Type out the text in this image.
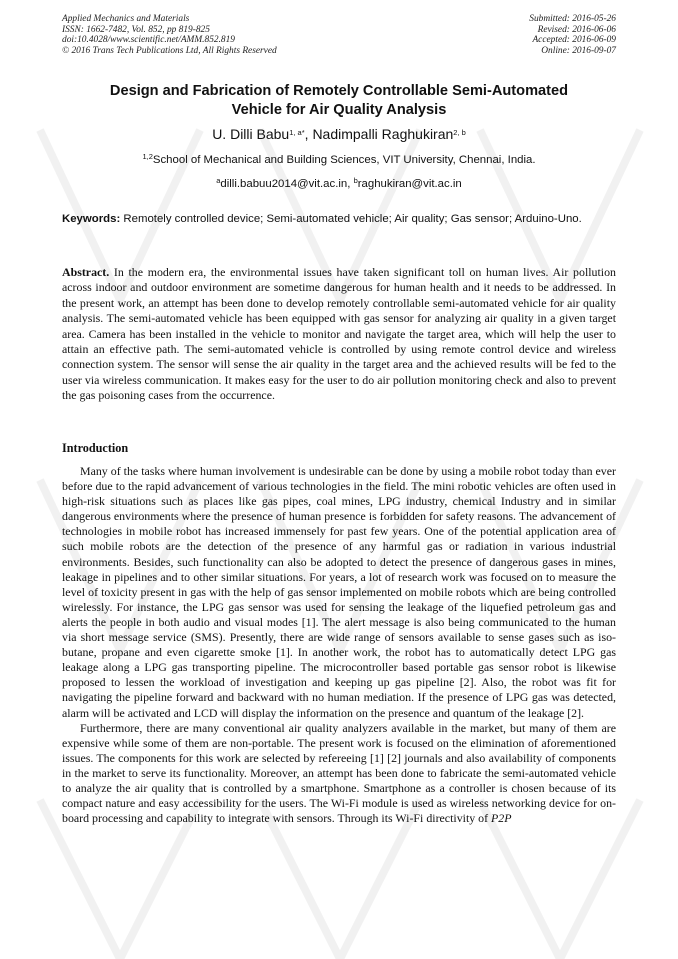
Applied Mechanics and Materials
ISSN: 1662-7482, Vol. 852, pp 819-825
doi:10.4028/www.scientific.net/AMM.852.819
© 2016 Trans Tech Publications Ltd, All Rights Reserved
Submitted: 2016-05-26
Revised: 2016-06-06
Accepted: 2016-06-09
Online: 2016-09-07
Design and Fabrication of Remotely Controllable Semi-Automated
Vehicle for Air Quality Analysis
U. Dilli Babu$^{1, a*}$, Nadimpalli Raghukiran$^{2, b}$
$^{1,2}$School of Mechanical and Building Sciences, VIT University, Chennai, India.
$^a$dilli.babuu2014@vit.ac.in, $^b$raghukiran@vit.ac.in
Keywords: Remotely controlled device; Semi-automated vehicle; Air quality; Gas sensor; Arduino-Uno.
Abstract. In the modern era, the environmental issues have taken significant toll on human lives. Air pollution across indoor and outdoor environment are sometime dangerous for human health and it needs to be addressed. In the present work, an attempt has been done to develop remotely controllable semi-automated vehicle for air quality analysis. The semi-automated vehicle has been equipped with gas sensor for analyzing air quality in a given target area. Camera has been installed in the vehicle to monitor and navigate the target area, which will help the user to attain an effective path. The semi-automated vehicle is controlled by using remote control device and wireless connection system. The sensor will sense the air quality in the target area and the achieved results will be fed to the user via wireless communication. It makes easy for the user to do air pollution monitoring check and also to prevent the gas poisoning cases from the occurrence.
Introduction

Many of the tasks where human involvement is undesirable can be done by using a mobile robot today than ever before due to the rapid advancement of various technologies in the field. The mini robotic vehicles are often used in high-risk situations such as places like gas pipes, coal mines, LPG industry, chemical Industry and in similar dangerous environments where the presence of human presence is forbidden for safety reasons. The advancement of technologies in mobile robot has increased immensely for past few years. One of the potential application area of such mobile robots are the detection of the presence of any harmful gas or radiation in various industrial environments. Besides, such functionality can also be adopted to detect the presence of dangerous gases in mines, leakage in pipelines and to other similar situations. For years, a lot of research work was focused on to measure the level of toxicity present in gas with the help of gas sensor implemented on mobile robots which are being controlled wirelessly. For instance, the LPG gas sensor was used for sensing the leakage of the liquefied petroleum gas and alerts the people in both audio and visual modes [1]. The alert message is also being communicated to the human via short message service (SMS). Presently, there are wide range of sensors available to sense gases such as iso-butane, propane and even cigarette smoke [1]. In another work, the robot has to automatically detect LPG gas leakage along a LPG gas transporting pipeline. The microcontroller based portable gas sensor robot is likewise proposed to lessen the workload of investigation and keeping up gas pipeline [2]. Also, the robot was fit for navigating the pipeline forward and backward with no human mediation. If the presence of LPG gas was detected, alarm will be activated and LCD will display the information on the presence and quantum of the leakage [2].

Furthermore, there are many conventional air quality analyzers available in the market, but many of them are expensive while some of them are non-portable. The present work is focused on the elimination of aforementioned issues. The components for this work are selected by refereeing [1] [2] journals and also availability of components in the market to serve its functionality. Moreover, an attempt has been done to fabricate the semi-automated vehicle to analyze the air quality that is controlled by a smartphone. Smartphone as a controller is chosen because of its compact nature and easy accessibility for the users. The Wi-Fi module is used as wireless networking device for on-board processing and capability to integrate with sensors. Through its Wi-Fi directivity of P2P
